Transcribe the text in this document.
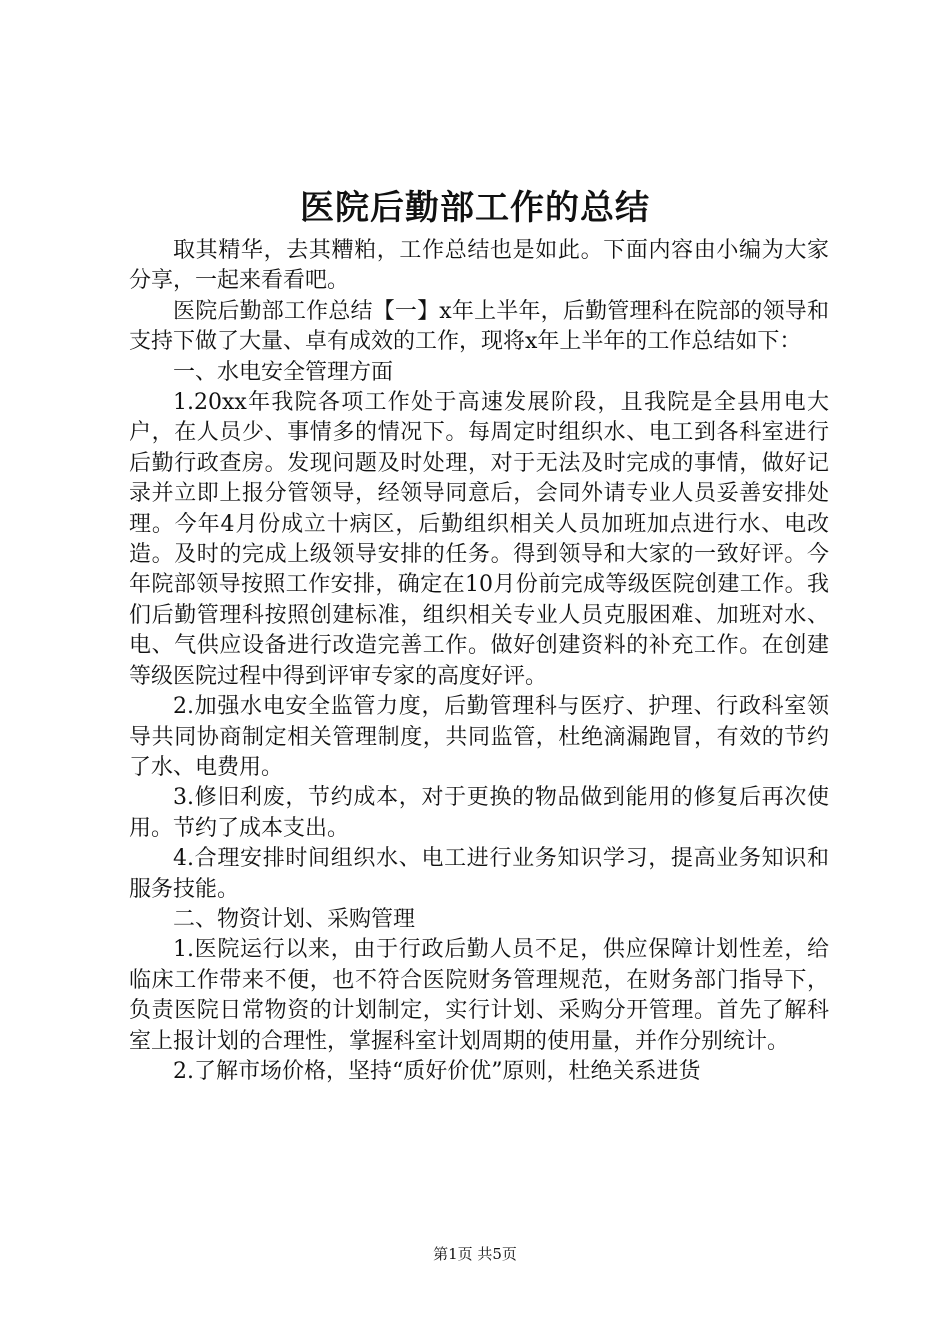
医院后勤部工作的总结

取其精华，去其糟粕，工作总结也是如此。下面内容由小编为大家分享，一起来看看吧。

医院后勤部工作总结【一】x年上半年，后勤管理科在院部的领导和支持下做了大量、卓有成效的工作，现将x年上半年的工作总结如下：

一、水电安全管理方面

1.20xx年我院各项工作处于高速发展阶段，且我院是全县用电大户，在人员少、事情多的情况下。每周定时组织水、电工到各科室进行后勤行政查房。发现问题及时处理，对于无法及时完成的事情，做好记录并立即上报分管领导，经领导同意后，会同外请专业人员妥善安排处理。今年4月份成立十病区，后勤组织相关人员加班加点进行水、电改造。及时的完成上级领导安排的任务。得到领导和大家的一致好评。今年院部领导按照工作安排，确定在10月份前完成等级医院创建工作。我们后勤管理科按照创建标准，组织相关专业人员克服困难、加班对水、电、气供应设备进行改造完善工作。做好创建资料的补充工作。在创建等级医院过程中得到评审专家的高度好评。

2.加强水电安全监管力度，后勤管理科与医疗、护理、行政科室领导共同协商制定相关管理制度，共同监管，杜绝滴漏跑冒，有效的节约了水、电费用。

3.修旧利废，节约成本，对于更换的物品做到能用的修复后再次使用。节约了成本支出。

4.合理安排时间组织水、电工进行业务知识学习，提高业务知识和服务技能。

二、物资计划、采购管理

1.医院运行以来，由于行政后勤人员不足，供应保障计划性差，给临床工作带来不便，也不符合医院财务管理规范，在财务部门指导下，负责医院日常物资的计划制定，实行计划、采购分开管理。首先了解科室上报计划的合理性，掌握科室计划周期的使用量，并作分别统计。

2.了解市场价格，坚持“质好价优”原则，杜绝关系进货

第1页 共5页
